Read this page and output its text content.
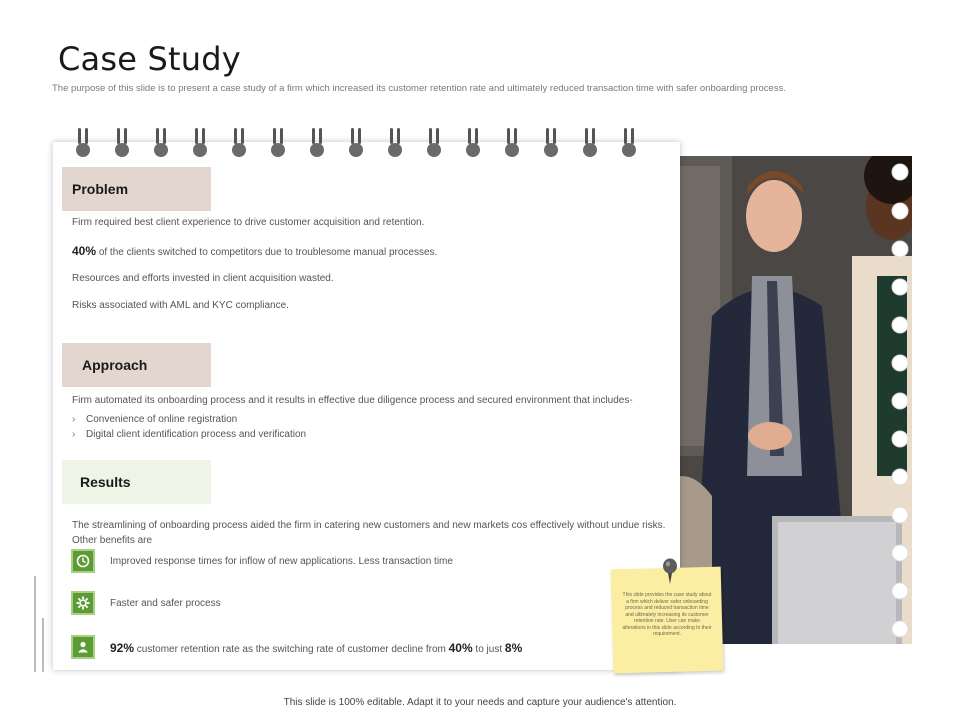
Case Study
The purpose of this slide is to present a case study of a firm which increased its customer retention rate and ultimately reduced transaction time with safer onboarding process.
Problem
Firm required best client experience to drive customer acquisition and retention.
40% of the clients switched to competitors due to troublesome manual processes.
Resources and efforts invested in client acquisition wasted.
Risks associated with AML and KYC compliance.
Approach
Firm automated its onboarding process and it results in effective due diligence process and secured environment that includes-
› Convenience of online registration
› Digital client identification process and verification
Results
The streamlining of onboarding process aided the firm in catering new customers and new markets cos effectively without undue risks. Other benefits are
Improved response times for inflow of new applications. Less transaction time
Faster and safer process
92% customer retention rate as the switching rate of customer decline from 40% to just 8%
This slide provides the case study about a firm which deliver safer onboarding process and reduced transaction time and ultimately increasing its customer retention rate. User can make alterations in this slide according to their requirement.
This slide is 100% editable. Adapt it to your needs and capture your audience's attention.
